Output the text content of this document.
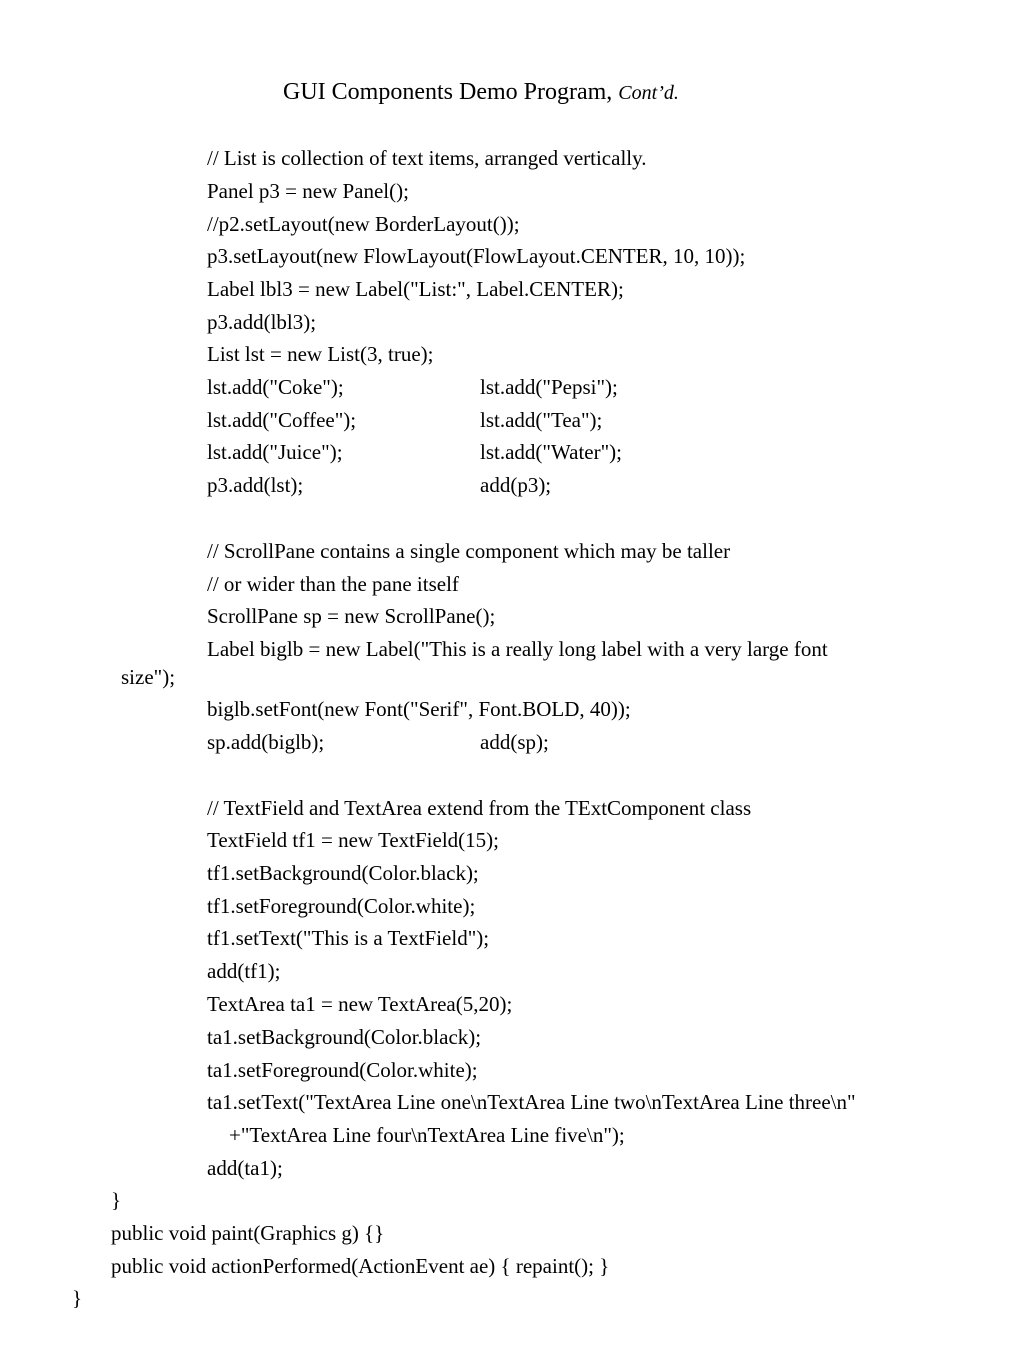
GUI Components Demo Program, Cont’d.
// List is collection of text items, arranged vertically.
Panel p3 = new Panel();
//p2.setLayout(new BorderLayout());
p3.setLayout(new FlowLayout(FlowLayout.CENTER, 10, 10));
Label lbl3 = new Label("List:", Label.CENTER);
p3.add(lbl3);
List lst = new List(3, true);
lst.add("Coke");	lst.add("Pepsi");
lst.add("Coffee");	lst.add("Tea");
lst.add("Juice");	lst.add("Water");
p3.add(lst);	add(p3);
// ScrollPane contains a single component which may be taller
// or wider than the pane itself
ScrollPane sp = new ScrollPane();
Label biglb = new Label("This is a really long label with a very large font
size");
biglb.setFont(new Font("Serif", Font.BOLD, 40));
sp.add(biglb);	add(sp);
// TextField and TextArea extend from the TExtComponent class
TextField tf1 = new TextField(15);
tf1.setBackground(Color.black);
tf1.setForeground(Color.white);
tf1.setText("This is a TextField");
add(tf1);
TextArea ta1 = new TextArea(5,20);
ta1.setBackground(Color.black);
ta1.setForeground(Color.white);
ta1.setText("TextArea Line one\nTextArea Line two\nTextArea Line three\n"
+"TextArea Line four\nTextArea Line five\n");
add(ta1);
}
public void paint(Graphics g) {}
public void actionPerformed(ActionEvent ae) { repaint(); }
}
